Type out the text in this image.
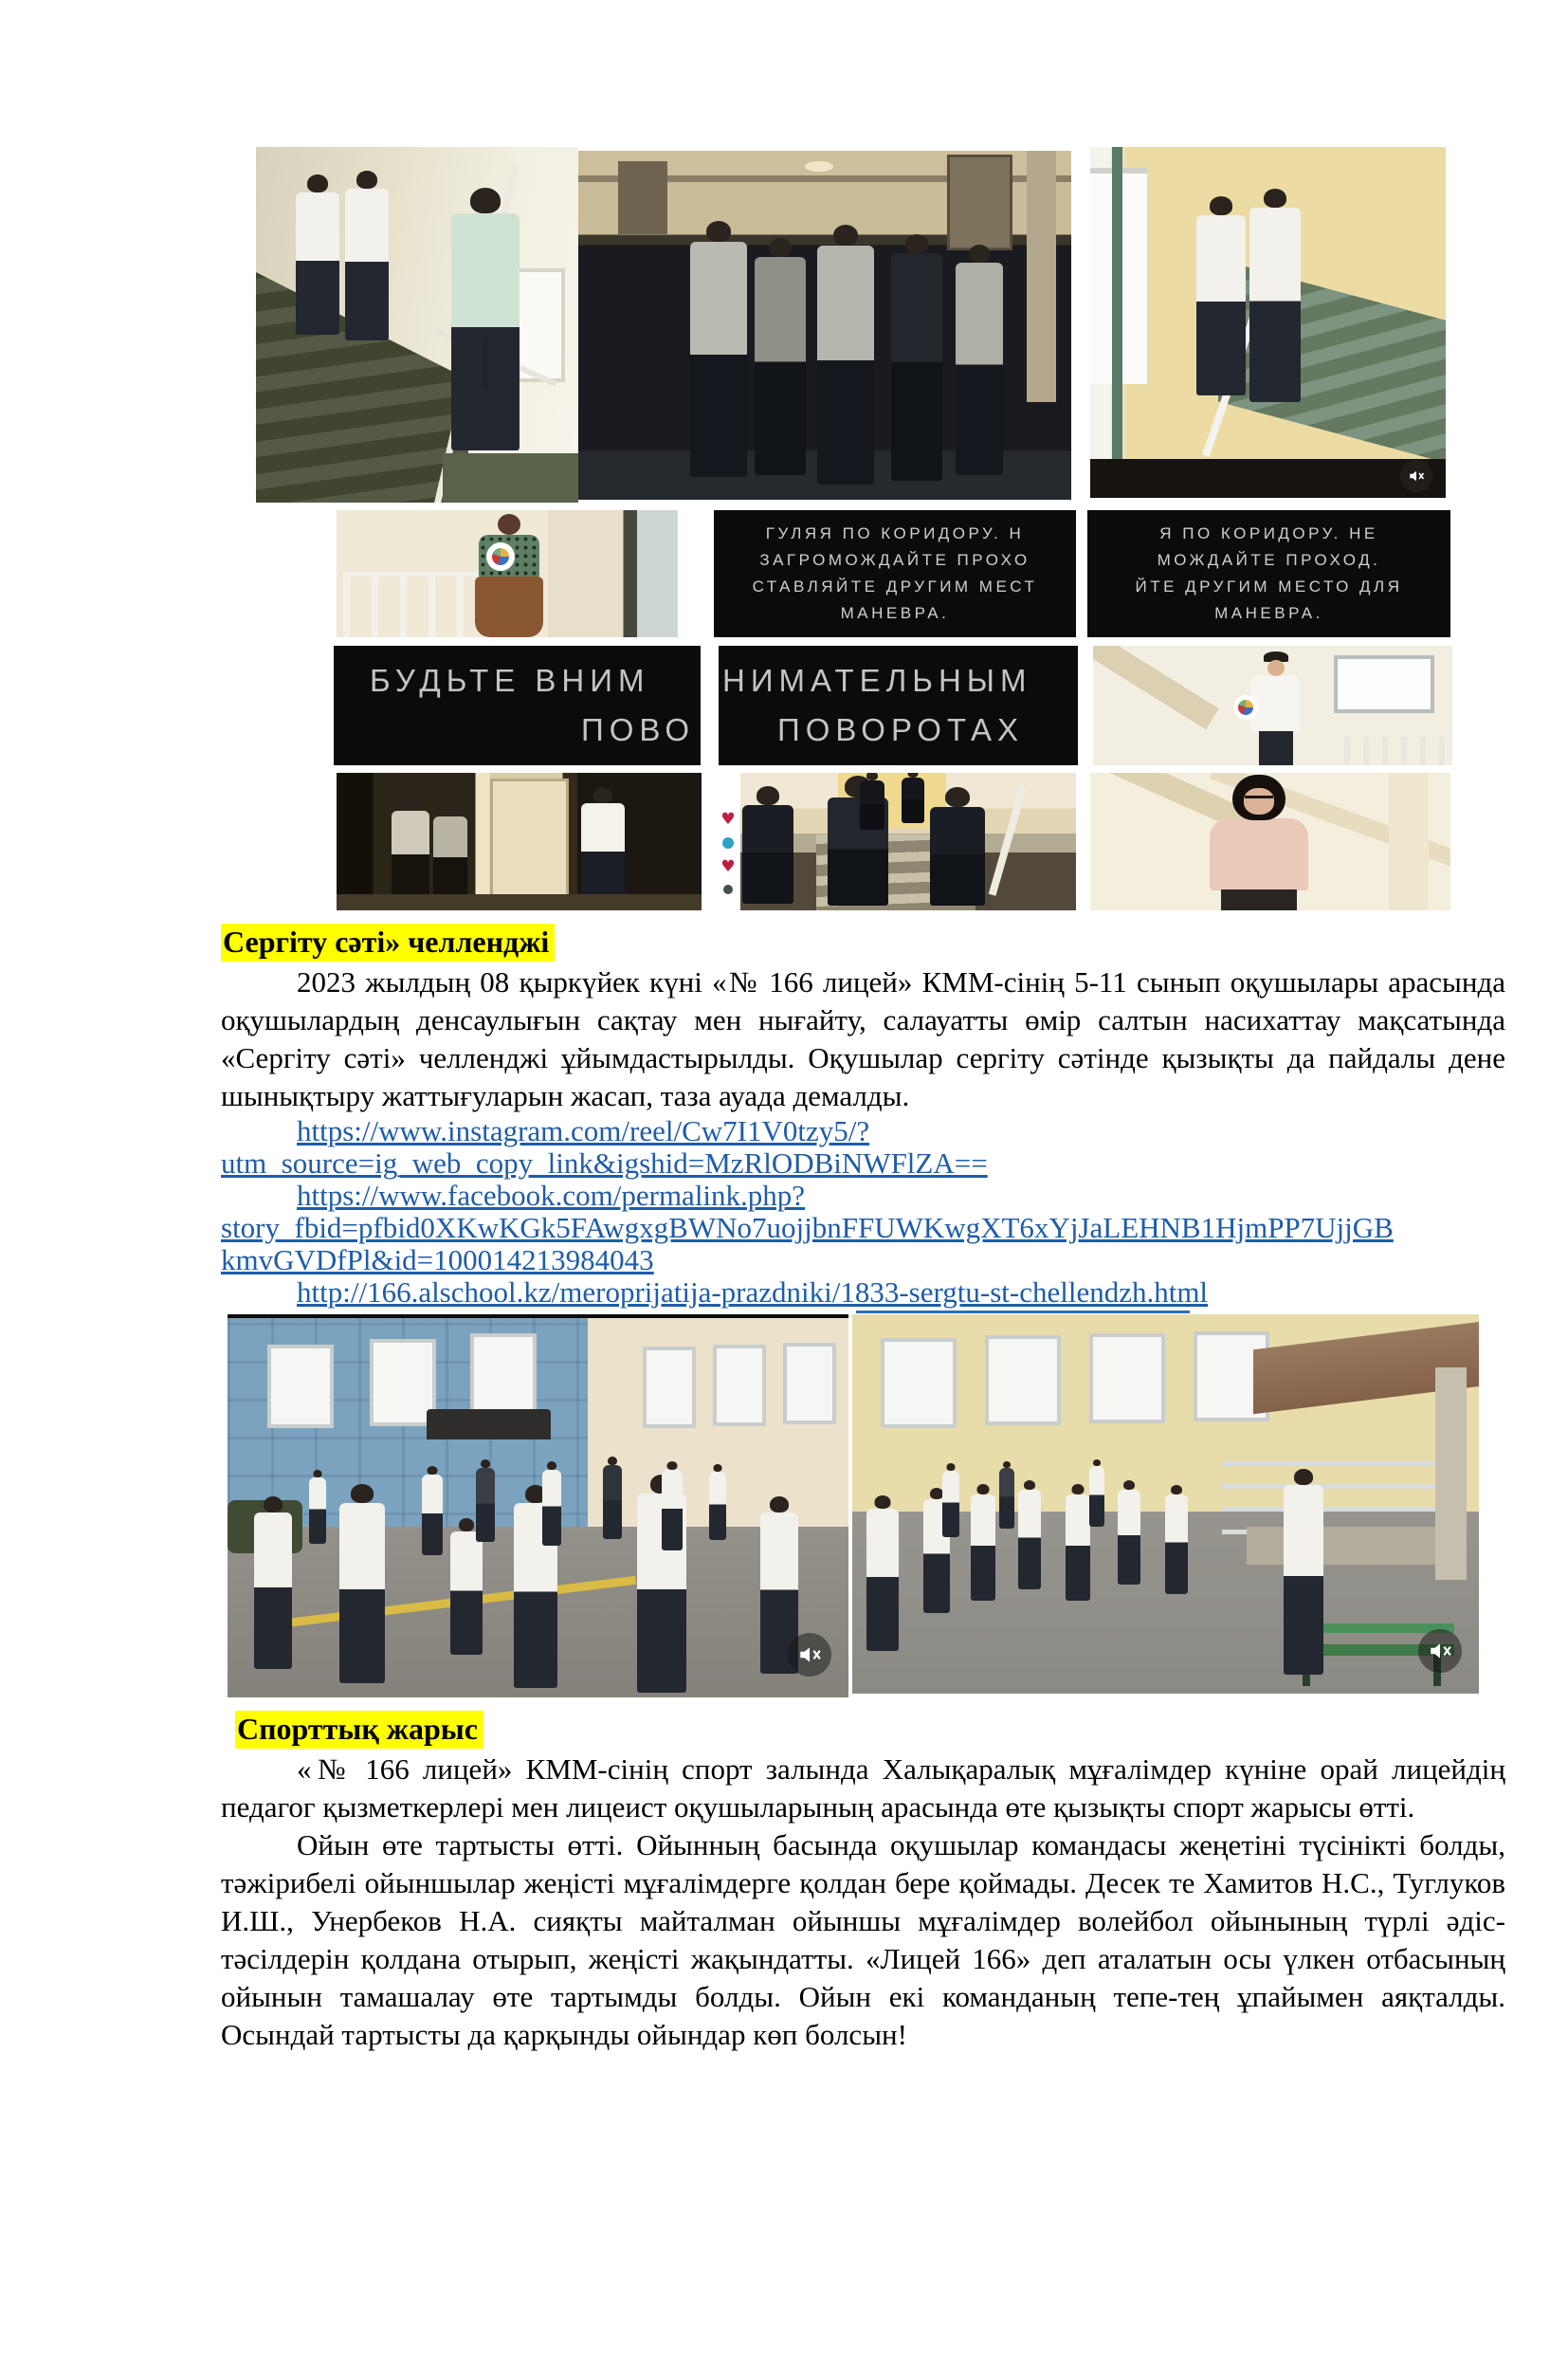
ГУЛЯЯ ПО КОРИДОРУ. Н
ЗАГРОМОЖДАЙТЕ ПРОХО
СТАВЛЯЙТЕ ДРУГИМ МЕСТ
МАНЕВРА.
Я ПО КОРИДОРУ. НЕ
МОЖДАЙТЕ ПРОХОД.
ЙТЕ ДРУГИМ МЕСТО ДЛЯ
МАНЕВРА.
БУДЬТЕ ВНИМ
ПОВО
НИМАТЕЛЬНЫМ
ПОВОРОТАХ
♥
♥
Сергіту сәті» челленджі

2023 жылдың 08 қыркүйек күні «№ 166 лицей» КММ-сінің 5-11 сынып оқушылары арасында оқушылардың денсаулығын сақтау мен нығайту, салауатты өмір салтын насихаттау мақсатында «Сергіту сәті» челленджі ұйымдастырылды. Оқушылар сергіту сәтінде қызықты да пайдалы дене шынықтыру жаттығуларын жасап, таза ауада демалды.

https://www.instagram.com/reel/Cw7I1V0tzy5/?
utm_source=ig_web_copy_link&igshid=MzRlODBiNWFlZA==
https://www.facebook.com/permalink.php?
story_fbid=pfbid0XKwKGk5FAwgxgBWNo7uojjbnFFUWKwgXT6xYjJaLEHNB1HjmPP7UjjGB
kmvGVDfPl&id=100014213984043
http://166.alschool.kz/meroprijatija-prazdniki/1833-sergtu-st-chellendzh.html
Спорттық жарыс

«№ 166 лицей» КММ-сінің спорт залында Халықаралық мұғалімдер күніне орай лицейдің педагог қызметкерлері мен лицеист оқушыларының арасында өте қызықты спорт жарысы өтті.

Ойын өте тартысты өтті. Ойынның басында оқушылар командасы жеңетіні түсінікті болды, тәжірибелі ойыншылар жеңісті мұғалімдерге қолдан бере қоймады. Десек те Хамитов Н.С., Туглуков И.Ш., Унербеков Н.А. сияқты майталман ойыншы мұғалімдер волейбол ойынының түрлі әдіс-тәсілдерін қолдана отырып, жеңісті жақындатты. «Лицей 166» деп аталатын осы үлкен отбасының ойынын тамашалау өте тартымды болды. Ойын екі команданың тепе-тең ұпайымен аяқталды. Осындай тартысты да қарқынды ойындар көп болсын!
